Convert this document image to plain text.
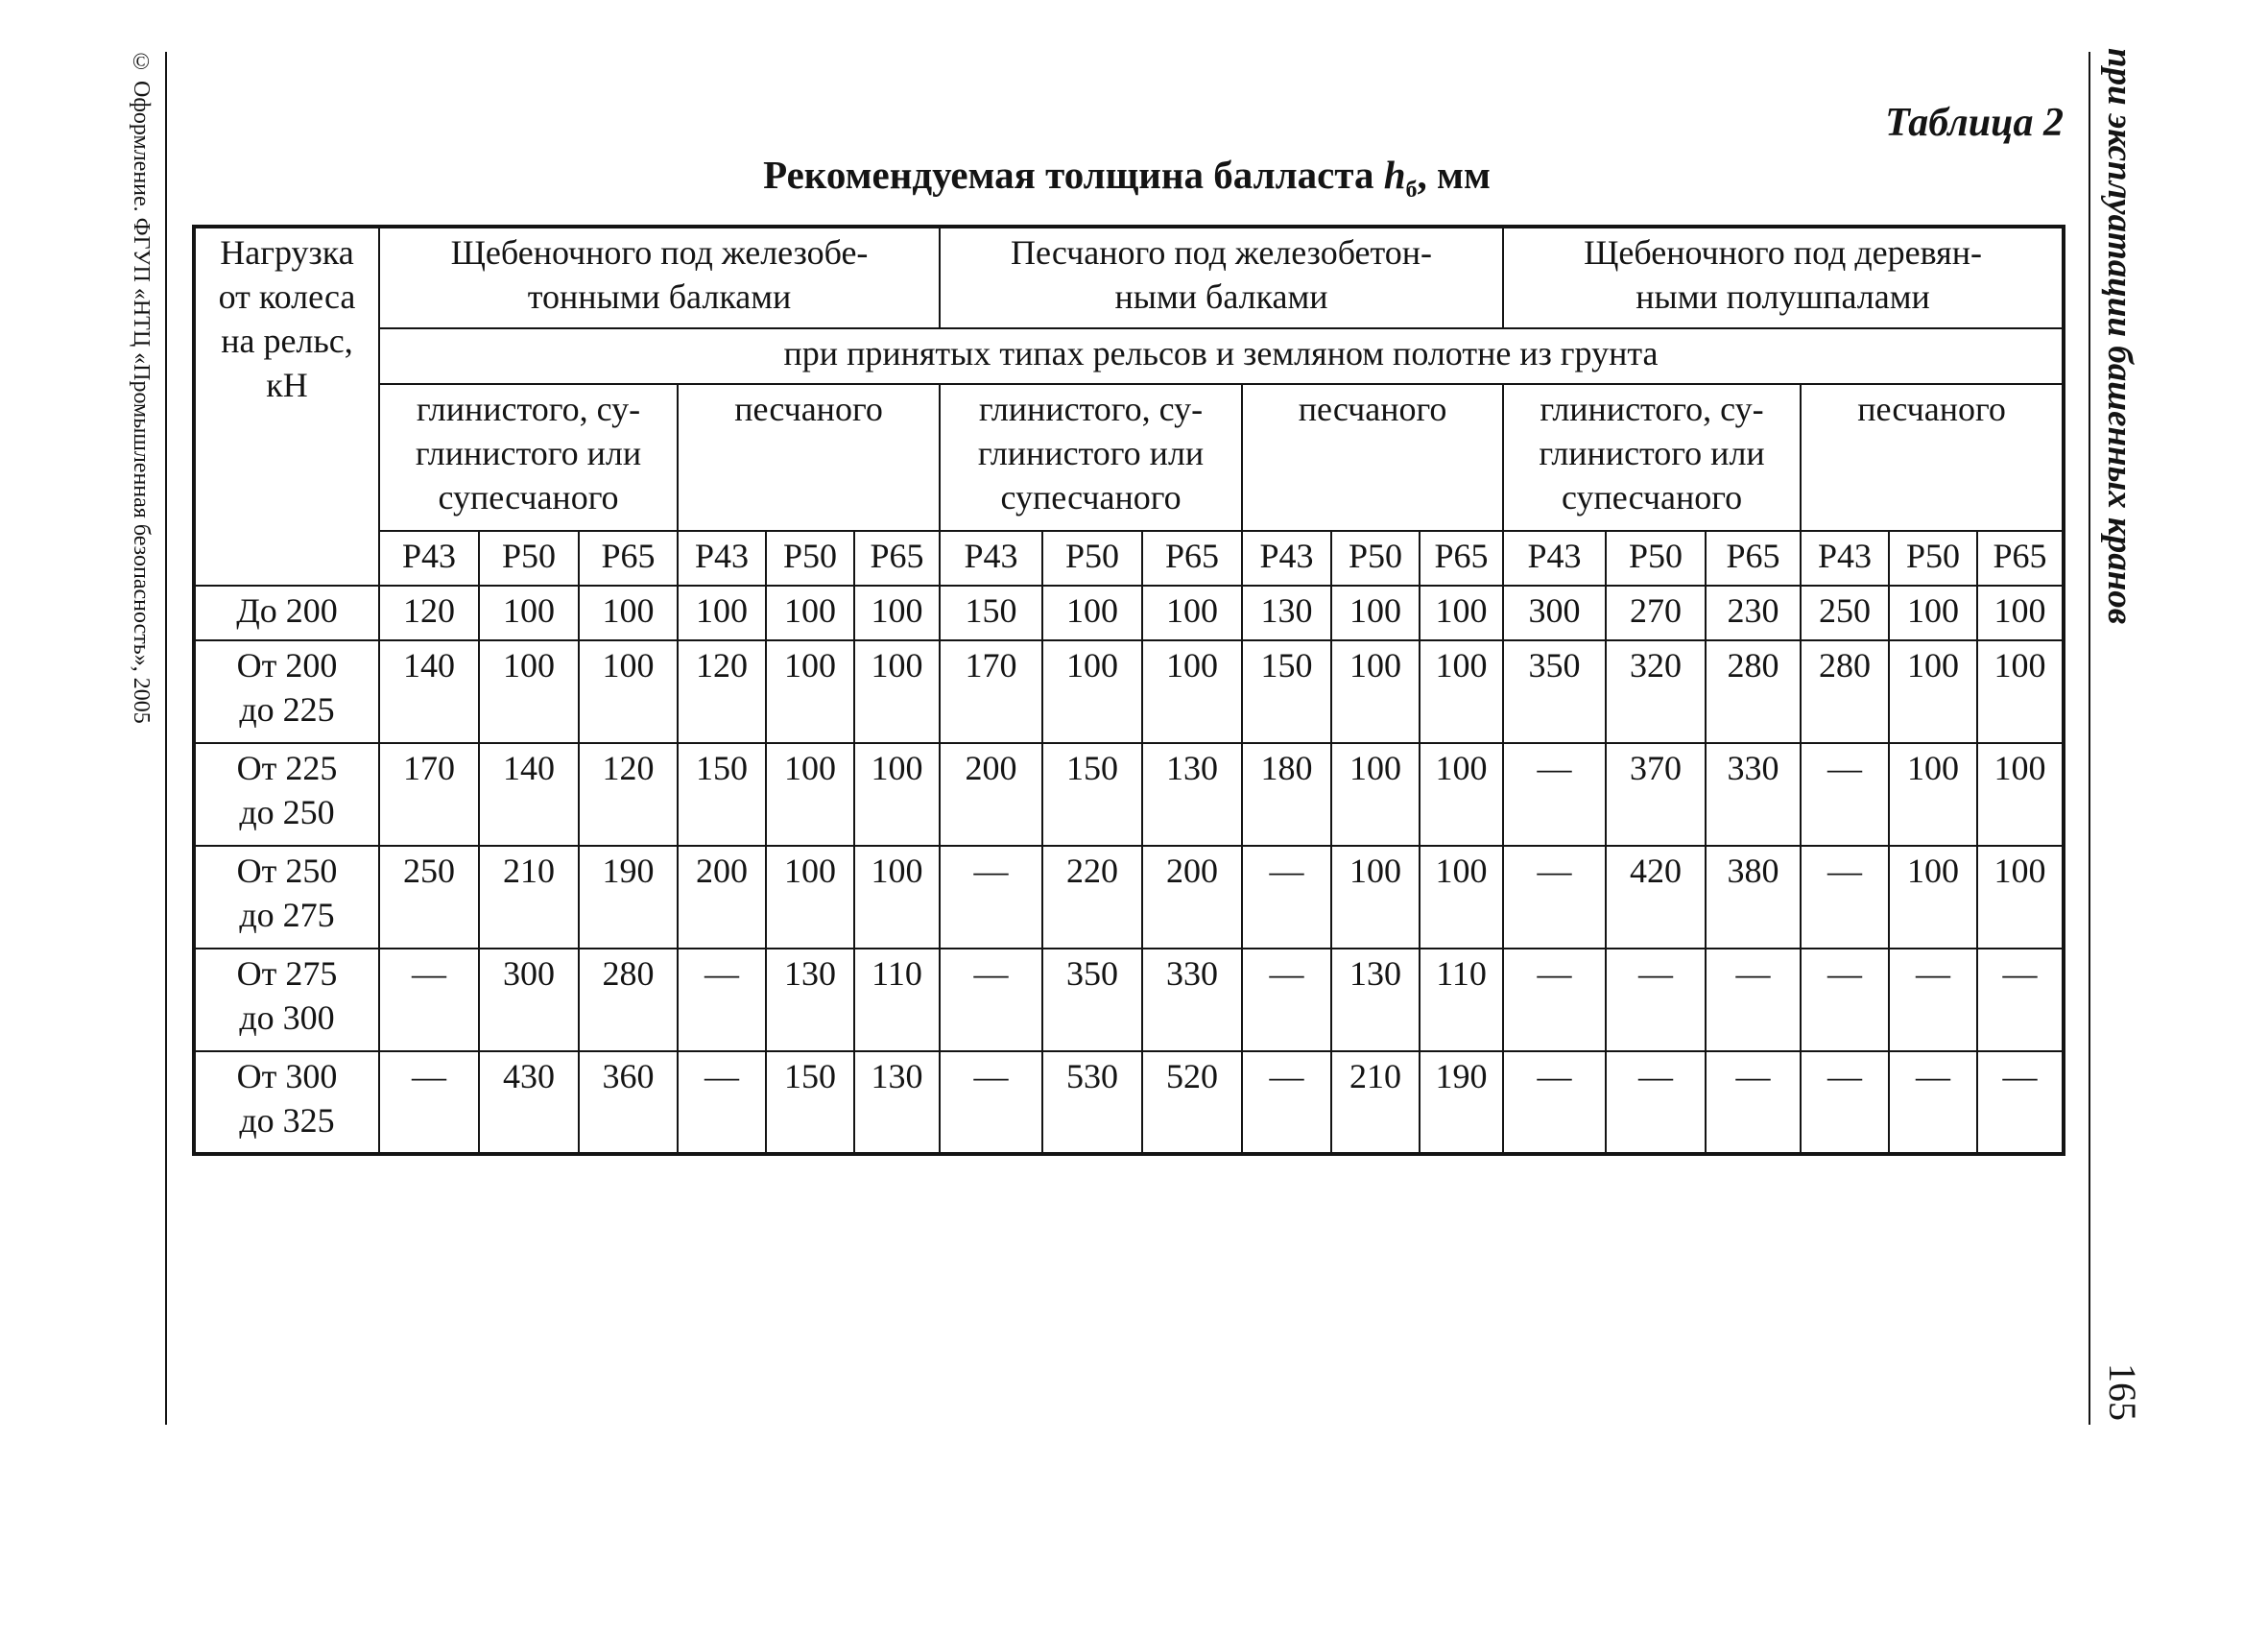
© Оформление. ФГУП «НТЦ «Промышленная безопасность», 2005	при эксплуатации башенных кранов
165
Таблица 2
Рекомендуемая толщина балласта $h_б$, мм
Нагрузка
от колеса
на рельс,
кН	Щебеночного под железобе-
тонными балками						Песчаного под железобетон-
ными балками						Щебеночного под деревян-
ными полушпалами					

	при принятых типах рельсов и земляном полотне из грунта																	

	глинистого, су-
глинистого или
супесчаного			песчаного			глинистого, су-
глинистого или
супесчаного			песчаного			глинистого, су-
глинистого или
супесчаного			песчаного		

	Р43	Р50	Р65	Р43	Р50	Р65	Р43	Р50	Р65	Р43	Р50	Р65	Р43	Р50	Р65	Р43	Р50	Р65

До 200	120	100	100	100	100	100	150	100	100	130	100	100	300	270	230	250	100	100

От 200
до 225	140	100	100	120	100	100	170	100	100	150	100	100	350	320	280	280	100	100

От 225
до 250	170	140	120	150	100	100	200	150	130	180	100	100	—	370	330	—	100	100

От 250
до 275	250	210	190	200	100	100	—	220	200	—	100	100	—	420	380	—	100	100

От 275
до 300	—	300	280	—	130	110	—	350	330	—	130	110	—	—	—	—	—	—

От 300
до 325	—	430	360	—	150	130	—	530	520	—	210	190	—	—	—	—	—	—
